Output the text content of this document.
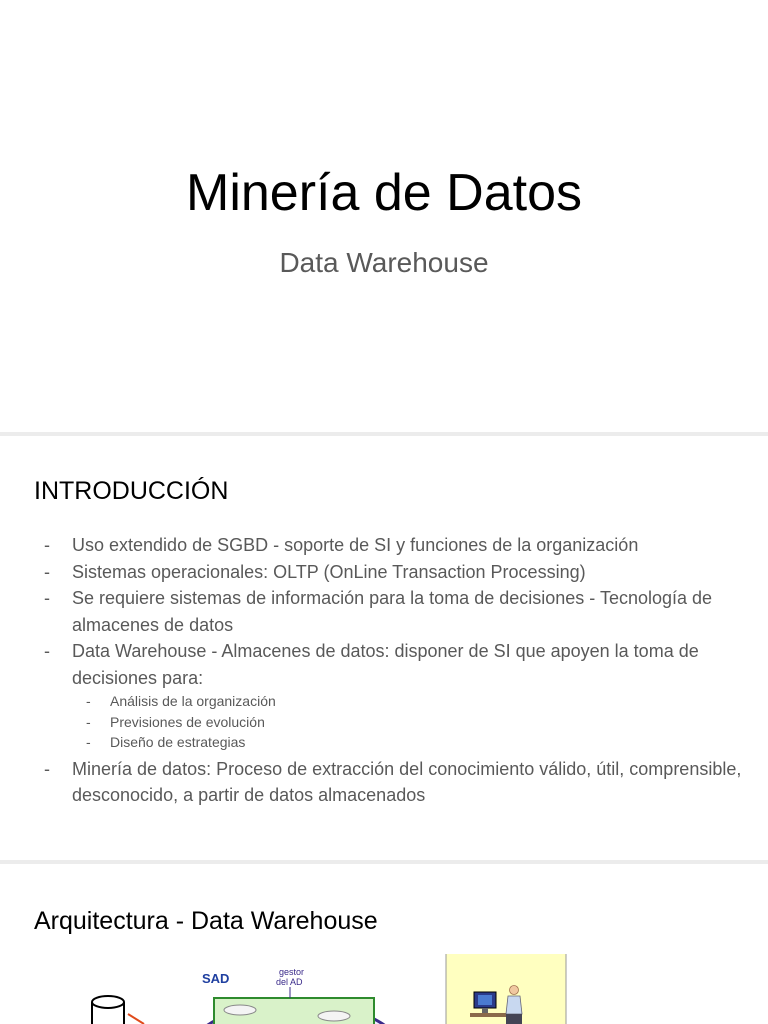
Minería de Datos
Data Warehouse
INTRODUCCIÓN
- Uso extendido de SGBD - soporte de SI y funciones de la organización
- Sistemas operacionales: OLTP (OnLine Transaction Processing)
- Se requiere sistemas de información para la toma de decisiones - Tecnología de almacenes de datos
- Data Warehouse - Almacenes de datos: disponer de SI que apoyen la toma de decisiones para:
- Análisis de la organización
- Previsiones de evolución
- Diseño de estrategias
- Minería de datos: Proceso de extracción del conocimiento válido, útil, comprensible, desconocido, a partir de datos almacenados
Arquitectura - Data Warehouse
SAD	gestor
del AD
